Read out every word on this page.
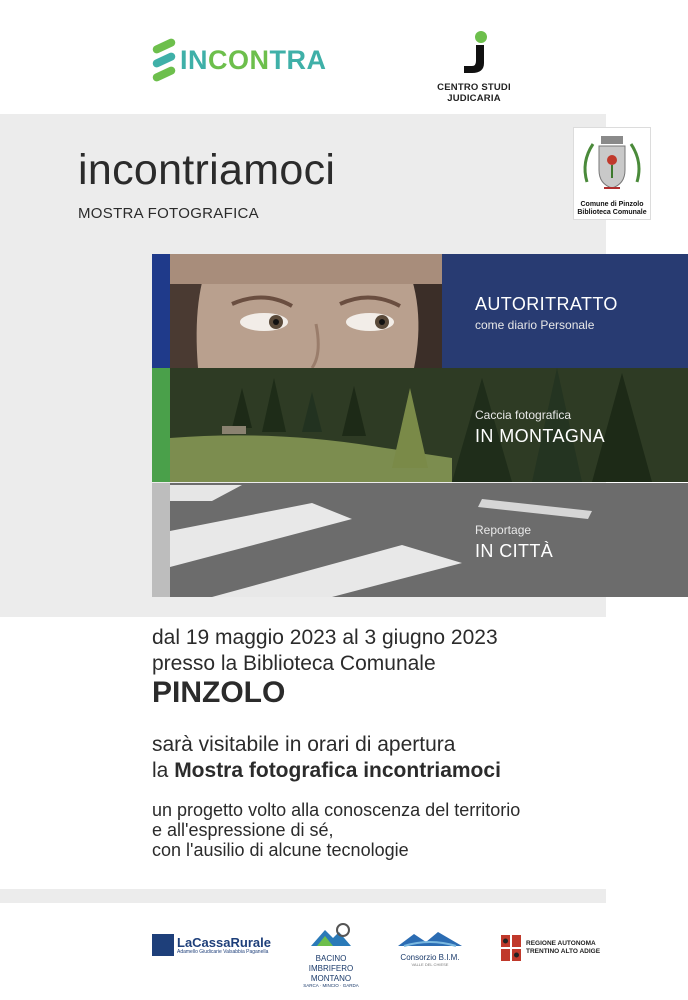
IN CON TRA
CENTRO STUDI JUDICARIA
incontriamoci
MOSTRA FOTOGRAFICA
Comune di Pinzolo
Biblioteca Comunale
AUTORITRATTO
come diario Personale
Caccia fotografica
IN MONTAGNA
Reportage
IN CITTÀ
dal 19 maggio 2023 al 3 giugno 2023
presso la Biblioteca Comunale
PINZOLO
sarà visitabile in orari di apertura
la Mostra fotografica incontriamoci
un progetto volto alla conoscenza del territorio
e all'espressione di sé,
con l'ausilio di alcune tecnologie
LaCassaRurale
Adamello Giudicarie Valsabbia Paganella
BACINO
IMBRIFERO
MONTANO
SARCA · MINCIO · GARDA
Consorzio B.I.M.
VALLE DEL CHIESE
REGIONE AUTONOMA
TRENTINO ALTO ADIGE
